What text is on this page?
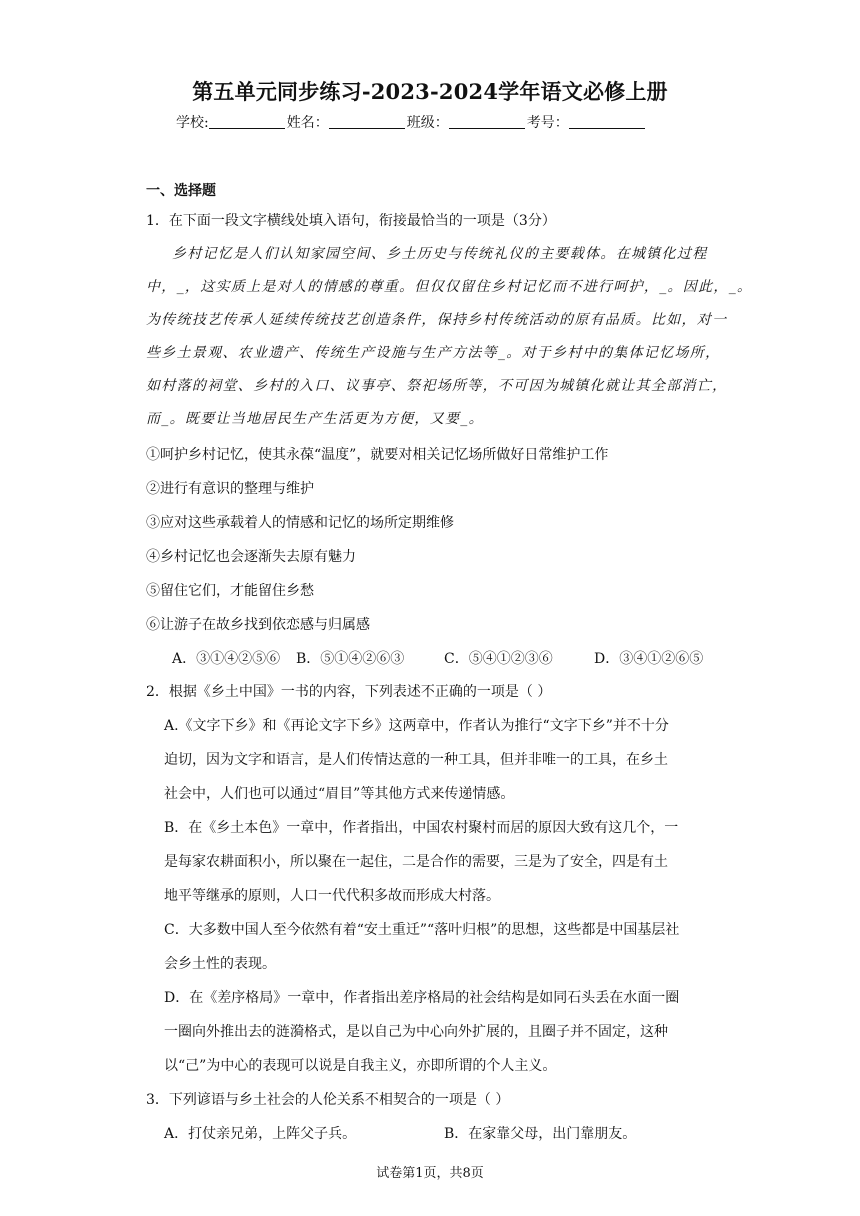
第五单元同步练习-2023-2024学年语文必修上册
学校:	姓名：	班级：	考号：
一、选择题
1．在下面一段文字横线处填入语句，衔接最恰当的一项是（3分）
乡村记忆是人们认知家园空间、乡土历史与传统礼仪的主要载体。在城镇化过程
中，_，这实质上是对人的情感的尊重。但仅仅留住乡村记忆而不进行呵护，_。因此，_。
为传统技艺传承人延续传统技艺创造条件，保持乡村传统活动的原有品质。比如，对一
些乡土景观、农业遗产、传统生产设施与生产方法等_。对于乡村中的集体记忆场所，
如村落的祠堂、乡村的入口、议事亭、祭祀场所等，不可因为城镇化就让其全部消亡，
而_。既要让当地居民生产生活更为方便，又要_。
①呵护乡村记忆，使其永葆“温度”，就要对相关记忆场所做好日常维护工作
②进行有意识的整理与维护
③应对这些承载着人的情感和记忆的场所定期维修
④乡村记忆也会逐渐失去原有魅力
⑤留住它们，才能留住乡愁
⑥让游子在故乡找到依恋感与归属感
A．③①④②⑤⑥ B．⑤①④②⑥③	C．⑤④①②③⑥	D．③④①②⑥⑤
2．根据《乡土中国》一书的内容，下列表述不正确的一项是（ ）
A.《文字下乡》和《再论文字下乡》这两章中，作者认为推行“文字下乡”并不十分
迫切，因为文字和语言，是人们传情达意的一种工具，但并非唯一的工具，在乡土
社会中，人们也可以通过“眉目”等其他方式来传递情感。
B．在《乡土本色》一章中，作者指出，中国农村聚村而居的原因大致有这几个，一
是每家农耕面积小，所以聚在一起住，二是合作的需要，三是为了安全，四是有土
地平等继承的原则，人口一代代积多故而形成大村落。
C．大多数中国人至今依然有着“安土重迁”“落叶归根”的思想，这些都是中国基层社
会乡土性的表现。
D．在《差序格局》一章中，作者指出差序格局的社会结构是如同石头丢在水面一圈
一圈向外推出去的涟漪格式，是以自己为中心向外扩展的，且圈子并不固定，这种
以“己”为中心的表现可以说是自我主义，亦即所谓的个人主义。
3．下列谚语与乡土社会的人伦关系不相契合的一项是（ ）
A．打仗亲兄弟，上阵父子兵。	B．在家靠父母，出门靠朋友。
试卷第1页，共8页
